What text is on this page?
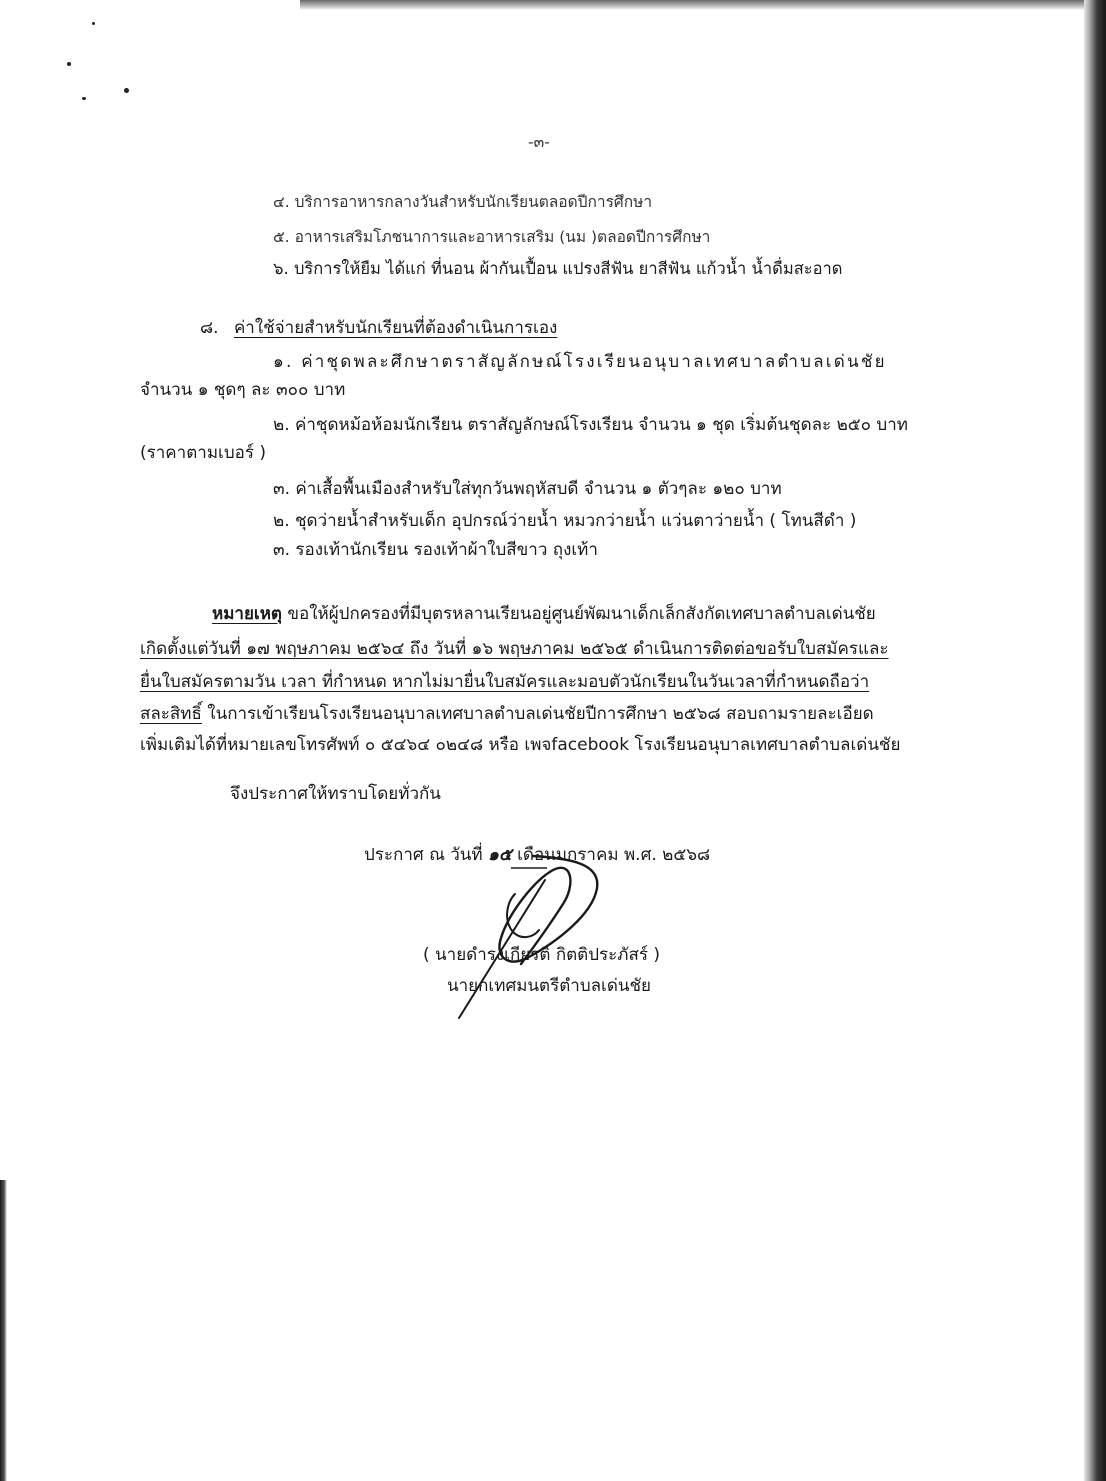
-๓-
๔. บริการอาหารกลางวันสำหรับนักเรียนตลอดปีการศึกษา
๕. อาหารเสริมโภชนาการและอาหารเสริม (นม )ตลอดปีการศึกษา
๖. บริการให้ยืม ได้แก่ ที่นอน ผ้ากันเปื้อน แปรงสีฟัน ยาสีฟัน แก้วน้ำ น้ำดื่มสะอาด
๘. ค่าใช้จ่ายสำหรับนักเรียนที่ต้องดำเนินการเอง
๑. ค่าชุดพละศึกษาตราสัญลักษณ์โรงเรียนอนุบาลเทศบาลตำบลเด่นชัย
จำนวน ๑ ชุดๆ ละ ๓๐๐ บาท
๒. ค่าชุดหม้อห้อมนักเรียน ตราสัญลักษณ์โรงเรียน จำนวน ๑ ชุด เริ่มต้นชุดละ ๒๕๐ บาท
(ราคาตามเบอร์ )
๓. ค่าเสื้อพื้นเมืองสำหรับใส่ทุกวันพฤหัสบดี จำนวน ๑ ตัวๆละ ๑๒๐ บาท
๒. ชุดว่ายน้ำสำหรับเด็ก อุปกรณ์ว่ายน้ำ หมวกว่ายน้ำ แว่นตาว่ายน้ำ ( โทนสีดำ )
๓. รองเท้านักเรียน รองเท้าผ้าใบสีขาว ถุงเท้า
หมายเหตุ ขอให้ผู้ปกครองที่มีบุตรหลานเรียนอยู่ศูนย์พัฒนาเด็กเล็กสังกัดเทศบาลตำบลเด่นชัย
เกิดตั้งแต่วันที่ ๑๗ พฤษภาคม ๒๕๖๔ ถึง วันที่ ๑๖ พฤษภาคม ๒๕๖๕ ดำเนินการติดต่อขอรับใบสมัครและ
ยื่นใบสมัครตามวัน เวลา ที่กำหนด หากไม่มายื่นใบสมัครและมอบตัวนักเรียนในวันเวลาที่กำหนดถือว่า
สละสิทธิ์ ในการเข้าเรียนโรงเรียนอนุบาลเทศบาลตำบลเด่นชัยปีการศึกษา ๒๕๖๘ สอบถามรายละเอียด
เพิ่มเติมได้ที่หมายเลขโทรศัพท์ ๐ ๕๔๖๔ ๐๒๔๘ หรือ เพจfacebook โรงเรียนอนุบาลเทศบาลตำบลเด่นชัย
จึงประกาศให้ทราบโดยทั่วกัน
ประกาศ ณ วันที่ ๑๕ เดือนมกราคม พ.ศ. ๒๕๖๘
( นายดำรงเกียรติ กิตติประภัสร์ )
นายกเทศมนตรีตำบลเด่นชัย
